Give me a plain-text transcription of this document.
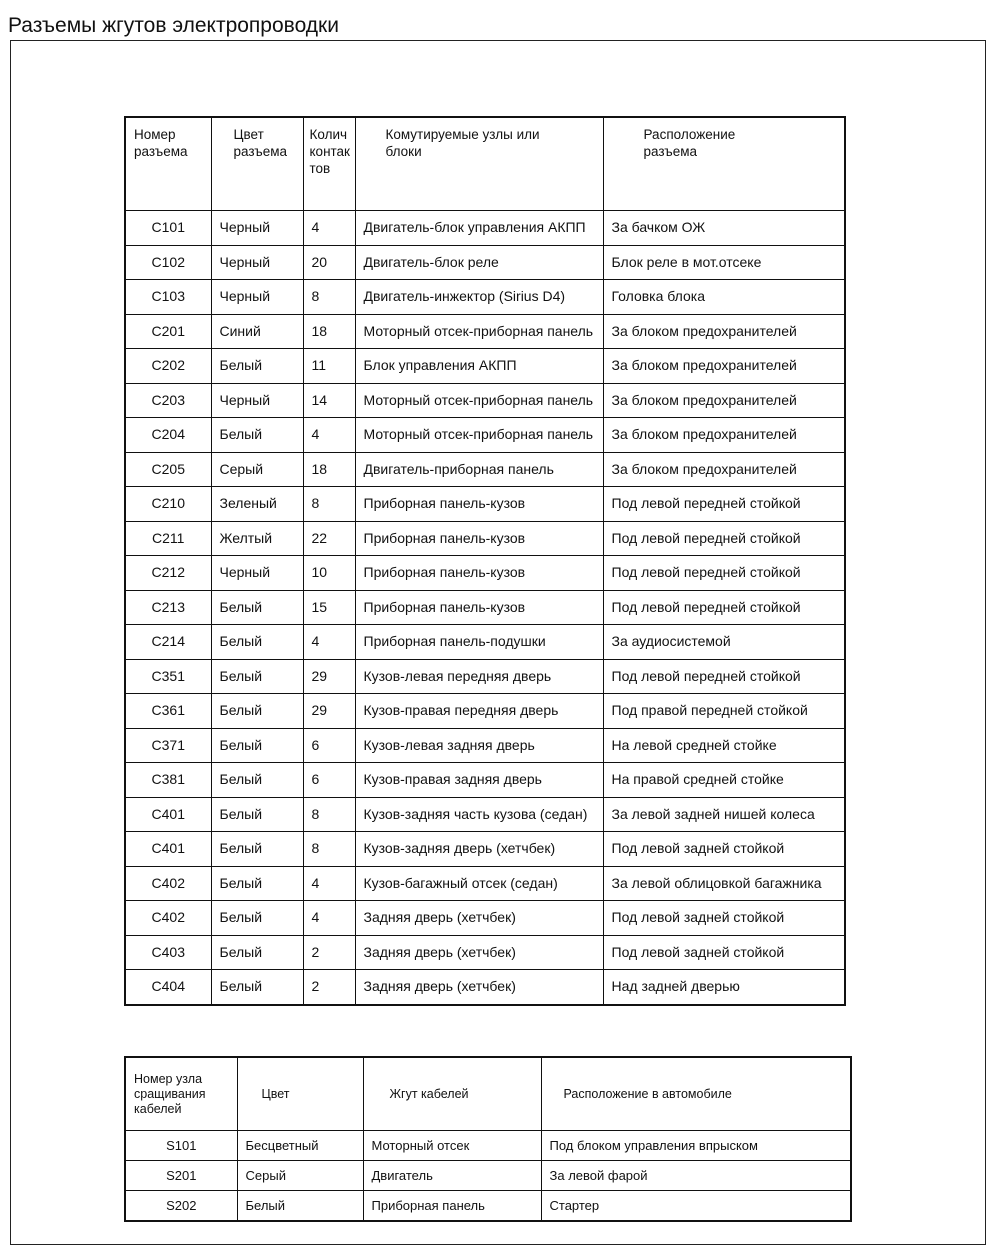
Разъемы жгутов электропроводки
Номер разъема	Цвет разъема	Колич контак тов	Комутируемые узлы или блоки	Расположение разъема
C101	Черный	4	Двигатель-блок управления АКПП	За бачком ОЖ
C102	Черный	20	Двигатель-блок реле	Блок реле в мот.отсеке
C103	Черный	8	Двигатель-инжектор (Sirius D4)	Головка блока
C201	Синий	18	Моторный отсек-приборная панель	За блоком предохранителей
C202	Белый	11	Блок управления АКПП	За блоком предохранителей
C203	Черный	14	Моторный отсек-приборная панель	За блоком предохранителей
C204	Белый	4	Моторный отсек-приборная панель	За блоком предохранителей
C205	Серый	18	Двигатель-приборная панель	За блоком предохранителей
C210	Зеленый	8	Приборная панель-кузов	Под левой передней стойкой
C211	Желтый	22	Приборная панель-кузов	Под левой передней стойкой
C212	Черный	10	Приборная панель-кузов	Под левой передней стойкой
C213	Белый	15	Приборная панель-кузов	Под левой передней стойкой
C214	Белый	4	Приборная панель-подушки	За аудиосистемой
C351	Белый	29	Кузов-левая передняя дверь	Под левой передней стойкой
C361	Белый	29	Кузов-правая передняя дверь	Под правой передней стойкой
C371	Белый	6	Кузов-левая задняя дверь	На левой средней стойке
C381	Белый	6	Кузов-правая задняя дверь	На правой средней стойке
C401	Белый	8	Кузов-задняя часть кузова (седан)	За левой задней нишей колеса
C401	Белый	8	Кузов-задняя дверь (хетчбек)	Под левой задней стойкой
C402	Белый	4	Кузов-багажный отсек (седан)	За левой облицовкой багажника
C402	Белый	4	Задняя дверь (хетчбек)	Под левой задней стойкой
C403	Белый	2	Задняя дверь (хетчбек)	Под левой задней стойкой
C404	Белый	2	Задняя дверь (хетчбек)	Над задней дверью
Номер узла сращивания кабелей	Цвет	Жгут кабелей	Расположение в автомобиле
S101	Бесцветный	Моторный отсек	Под блоком управления впрыском
S201	Серый	Двигатель	За левой фарой
S202	Белый	Приборная панель	Стартер
